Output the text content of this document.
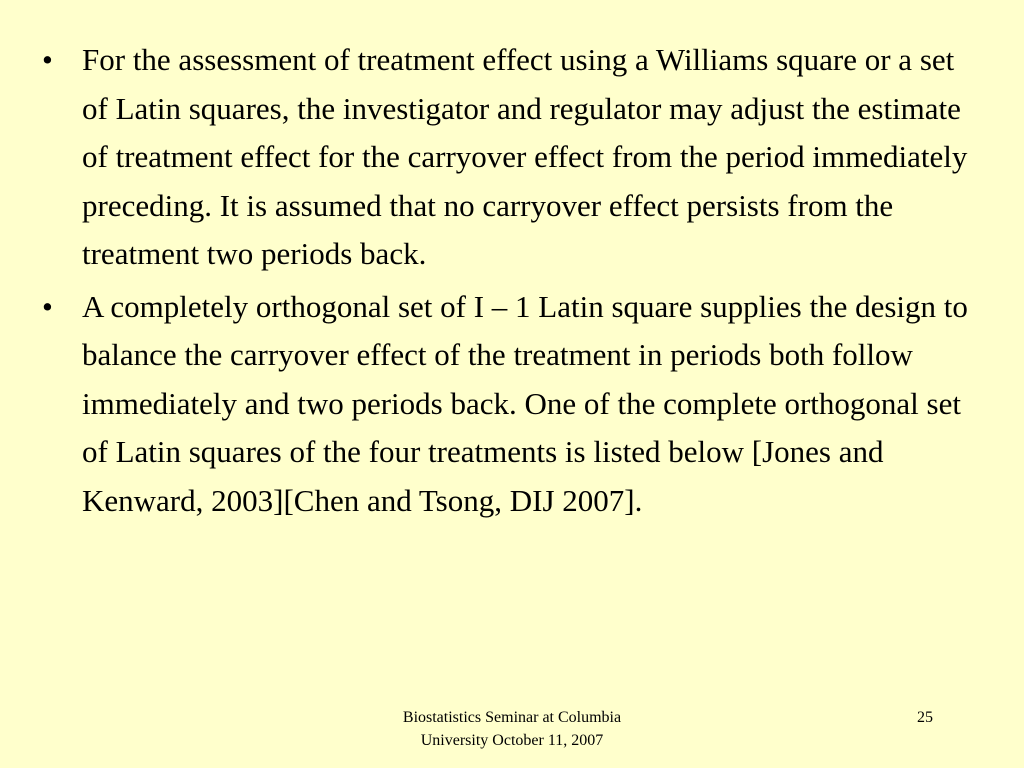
• For the assessment of treatment effect using a Williams square or a set of Latin squares, the investigator and regulator may adjust the estimate of treatment effect for the carryover effect from the period immediately preceding. It is assumed that no carryover effect persists from the treatment two periods back.
• A completely orthogonal set of I – 1 Latin square supplies the design to balance the carryover effect of the treatment in periods both follow immediately and two periods back. One of the complete orthogonal set of Latin squares of the four treatments is listed below [Jones and Kenward, 2003][Chen and Tsong, DIJ 2007].
Biostatistics Seminar at Columbia
University October 11, 2007
25
